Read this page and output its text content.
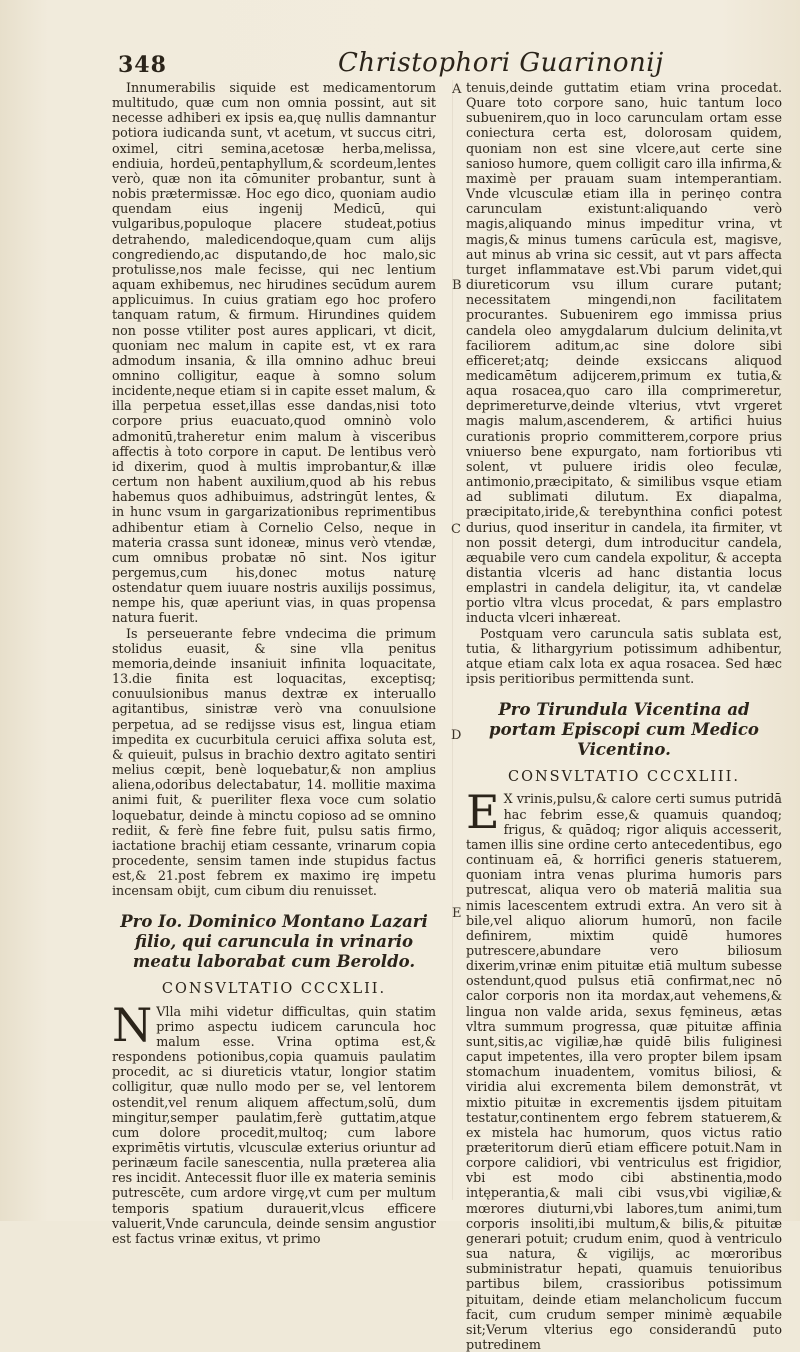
348	Christophori Guarinonij
A
B
C
D
E

Innumerabilis siquide est medicamentorum multitudo, quæ cum non omnia possint, aut sit necesse adhiberi ex ipsis ea,quę nullis damnantur potiora iudicanda sunt, vt acetum, vt succus citri, oximel, citri semina,acetosæ herba,melissa, endiuia, hordeū,pentaphyllum,& scordeum,lentes verò, quæ non ita cōmuniter probantur, sunt à nobis prætermissæ. Hoc ego dico, quoniam audio quendam eius ingenij Medicū, qui vulgaribus,populoque placere studeat,potius detrahendo, maledicendoque,quam cum alijs congrediendo,ac disputando,de hoc malo,sic protulisse,nos male fecisse, qui nec lentium aquam exhibemus, nec hirudines secūdum aurem applicuimus. In cuius gratiam ego hoc profero tanquam ratum, & firmum. Hirundines quidem non posse vtiliter post aures applicari, vt dicit, quoniam nec malum in capite est, vt ex rara admodum insania, & illa omnino adhuc breui omnino colligitur, eaque à somno solum incidente,neque etiam si in capite esset malum, & illa perpetua esset,illas esse dandas,nisi toto corpore prius euacuato,quod omninò volo admonitū,traheretur enim malum à visceribus affectis à toto corpore in caput. De lentibus verò id dixerim, quod à multis improbantur,& illæ certum non habent auxilium,quod ab his rebus habemus quos adhibuimus, adstringūt lentes, & in hunc vsum in gargarizationibus reprimentibus adhibentur etiam à Cornelio Celso, neque in materia crassa sunt idoneæ, minus verò vtendæ, cum omnibus probatæ nō sint. Nos igitur pergemus,cum his,donec motus naturę ostendatur quem iuuare nostris auxilijs possimus, nempe his, quæ aperiunt vias, in quas propensa natura fuerit.

Is perseuerante febre vndecima die primum stolidus euasit, & sine vlla penitus memoria,deinde insaniuit infinita loquacitate, 13.die finita est loquacitas, exceptisq; conuulsionibus manus dextræ ex interuallo agitantibus, sinistræ verò vna conuulsione perpetua, ad se redijsse visus est, lingua etiam impedita ex cucurbitula ceruici affixa soluta est, & quieuit, pulsus in brachio dextro agitato sentiri melius cœpit, benè loquebatur,& non amplius aliena,odoribus delectabatur, 14. mollitie maxima animi fuit, & pueriliter flexa voce cum solatio loquebatur, deinde à minctu copioso ad se omnino rediit, & ferè fine febre fuit, pulsu satis firmo, iactatione brachij etiam cessante, vrinarum copia procedente, sensim tamen inde stupidus factus est,& 21.post febrem ex maximo irę impetu incensam obijt, cum cibum diu renuisset.

Pro Io. Dominico Montano Lazari filio, qui caruncula in vrinario meatu laborabat cum Beroldo.
CONSVLTATIO CCCXLII.

N Vlla mihi videtur difficultas, quin statim primo aspectu iudicem caruncula hoc malum esse. Vrina optima est,& respondens potionibus,copia quamuis paulatim procedit, ac si diureticis vtatur, longior statim colligitur, quæ nullo modo per se, vel lentorem ostendit,vel renum aliquem affectum,solū, dum mingitur,semper paulatim,ferè guttatim,atque cum dolore procedit,multoq; cum labore exprimētis virtutis, vlcusculæ exterius oriuntur ad perinæum facile sanescentia, nulla præterea alia res incidit. Antecessit fluor ille ex materia seminis putrescēte, cum ardore virgę,vt cum per multum temporis spatium durauerit,vlcus efficere valuerit,Vnde caruncula, deinde sensim angustior est factus vrinæ exitus, vt primo

tenuis,deinde guttatim etiam vrina procedat. Quare toto corpore sano, huic tantum loco subuenirem,quo in loco carunculam ortam esse coniectura certa est, dolorosam quidem, quoniam non est sine vlcere,aut certe sine sanioso humore, quem colligit caro illa infirma,& maximè per prauam suam intemperantiam. Vnde vlcusculæ etiam illa in perinęo contra carunculam existunt:aliquando verò magis,aliquando minus impeditur vrina, vt magis,& minus tumens carūcula est, magisve, aut minus ab vrina sic cessit, aut vt pars affecta turget inflammatave est.Vbi parum videt,qui diureticorum vsu illum curare putant; necessitatem mingendi,non facilitatem procurantes. Subuenirem ego immissa prius candela oleo amygdalarum dulcium delinita,vt faciliorem aditum,ac sine dolore sibi efficeret;atq; deinde exsiccans aliquod medicamētum adijcerem,primum ex tutia,& aqua rosacea,quo caro illa comprimeretur, deprimereturve,deinde vlterius, vtvt vrgeret magis malum,ascenderem, & artifici huius curationis proprio committerem,corpore prius vniuerso bene expurgato, nam fortioribus vti solent, vt puluere iridis oleo feculæ, antimonio,præcipitato, & similibus vsque etiam ad sublimati dilutum. Ex diapalma, præcipitato,iride,& terebynthina confici potest durius, quod inseritur in candela, ita firmiter, vt non possit detergi, dum introducitur candela, æquabile vero cum candela expolitur, & accepta distantia vlceris ad hanc distantia locus emplastri in candela deligitur, ita, vt candelæ portio vltra vlcus procedat, & pars emplastro inducta vlceri inhæreat.

Postquam vero caruncula satis sublata est, tutia, & lithargyrium potissimum adhibentur, atque etiam calx lota ex aqua rosacea. Sed hæc ipsis peritioribus permittenda sunt.

Pro Tirundula Vicentina ad portam Episcopi cum Medico Vicentino.
CONSVLTATIO CCCXLIII.

E X vrinis,pulsu,& calore certi sumus putridā hac febrim esse,& quamuis quandoq; frigus, & quādoq; rigor aliquis accesserit, tamen illis sine ordine certo antecedentibus, ego continuam eā, & horrifici generis statuerem, quoniam intra venas plurima humoris pars putrescat, aliqua vero ob materiā malitia sua nimis lacescentem extrudi extra. An vero sit à bile,vel aliquo aliorum humorū, non facile definirem, mixtim quidē humores putrescere,abundare vero biliosum dixerim,vrinæ enim pituitæ etiā multum subesse ostendunt,quod pulsus etiā confirmat,nec nō calor corporis non ita mordax,aut vehemens,& lingua non valde arida, sexus fęmineus, ætas vltra summum progressa, quæ pituitæ affinia sunt,sitis,ac vigiliæ,hæ quidē bilis fuliginesi caput impetentes, illa vero propter bilem ipsam stomachum inuadentem, vomitus biliosi, & viridia alui excrementa bilem demonstrāt, vt mixtio pituitæ in excrementis ijsdem pituitam testatur,continentem ergo febrem statuerem,& ex mistela hac humorum, quos victus ratio præteritorum dierū etiam efficere potuit.Nam in corpore calidiori, vbi ventriculus est frigidior, vbi est modo cibi abstinentia,modo intęperantia,& mali cibi vsus,vbi vigiliæ,& mœrores diuturni,vbi labores,tum animi,tum corporis insoliti,ibi multum,& bilis,& pituitæ generari potuit; crudum enim, quod à ventriculo sua natura, & vigilijs, ac mœroribus subministratur hepati, quamuis tenuioribus partibus bilem, crassioribus potissimum pituitam, deinde etiam melancholicum fuccum facit, cum crudum semper minimè æquabile sit;Verum vlterius ego considerandū puto putredinem
